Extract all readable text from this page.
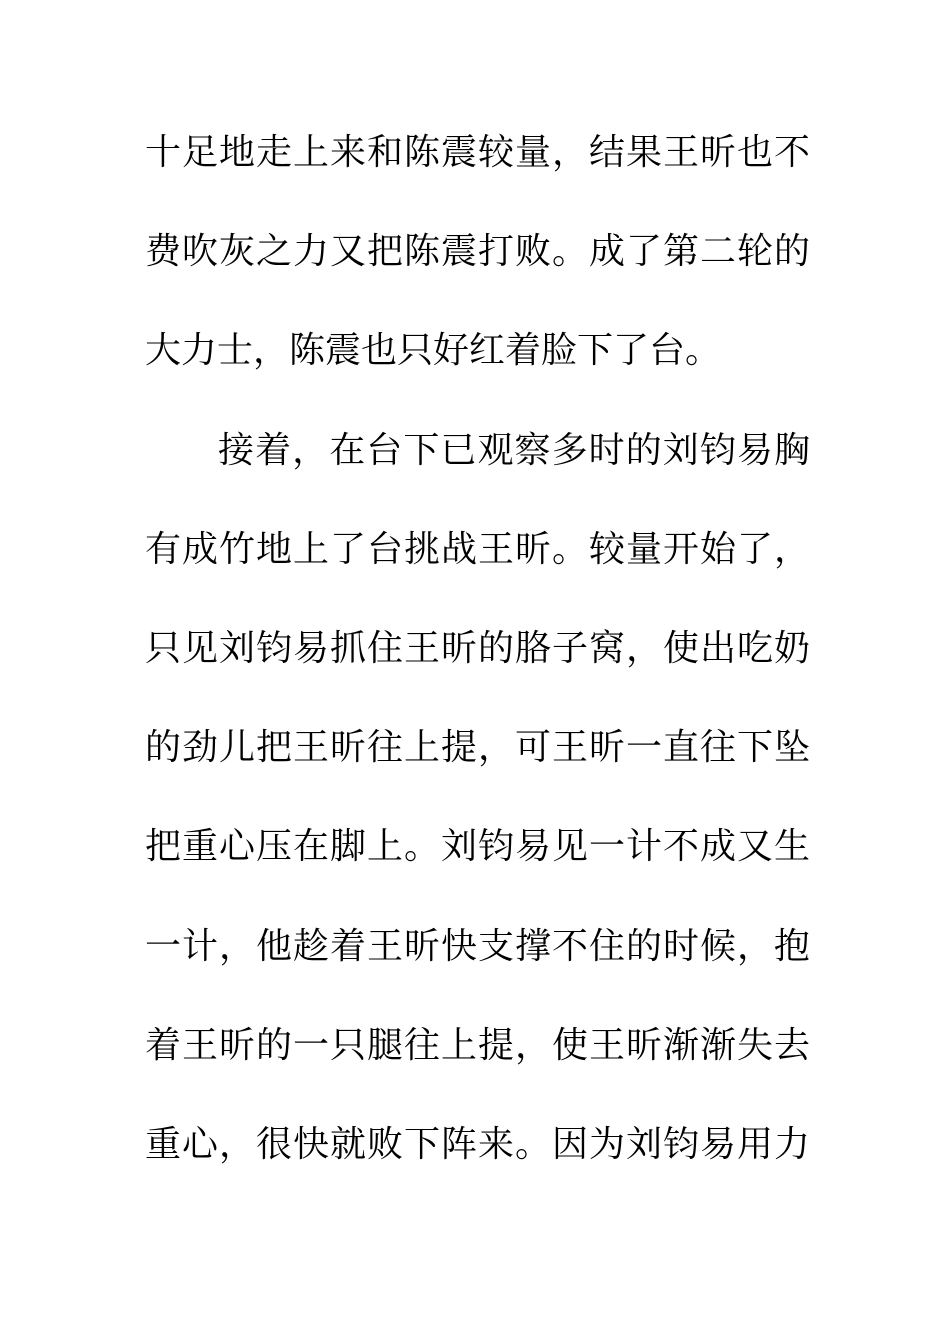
十足地走上来和陈震较量，结果王昕也不
费吹灰之力又把陈震打败。成了第二轮的
大力士，陈震也只好红着脸下了台。
接着，在台下已观察多时的刘钧易胸
有成竹地上了台挑战王昕。较量开始了，
只见刘钧易抓住王昕的胳子窝，使出吃奶
的劲儿把王昕往上提，可王昕一直往下坠
把重心压在脚上。刘钧易见一计不成又生
一计，他趁着王昕快支撑不住的时候，抱
着王昕的一只腿往上提，使王昕渐渐失去
重心，很快就败下阵来。因为刘钧易用力
